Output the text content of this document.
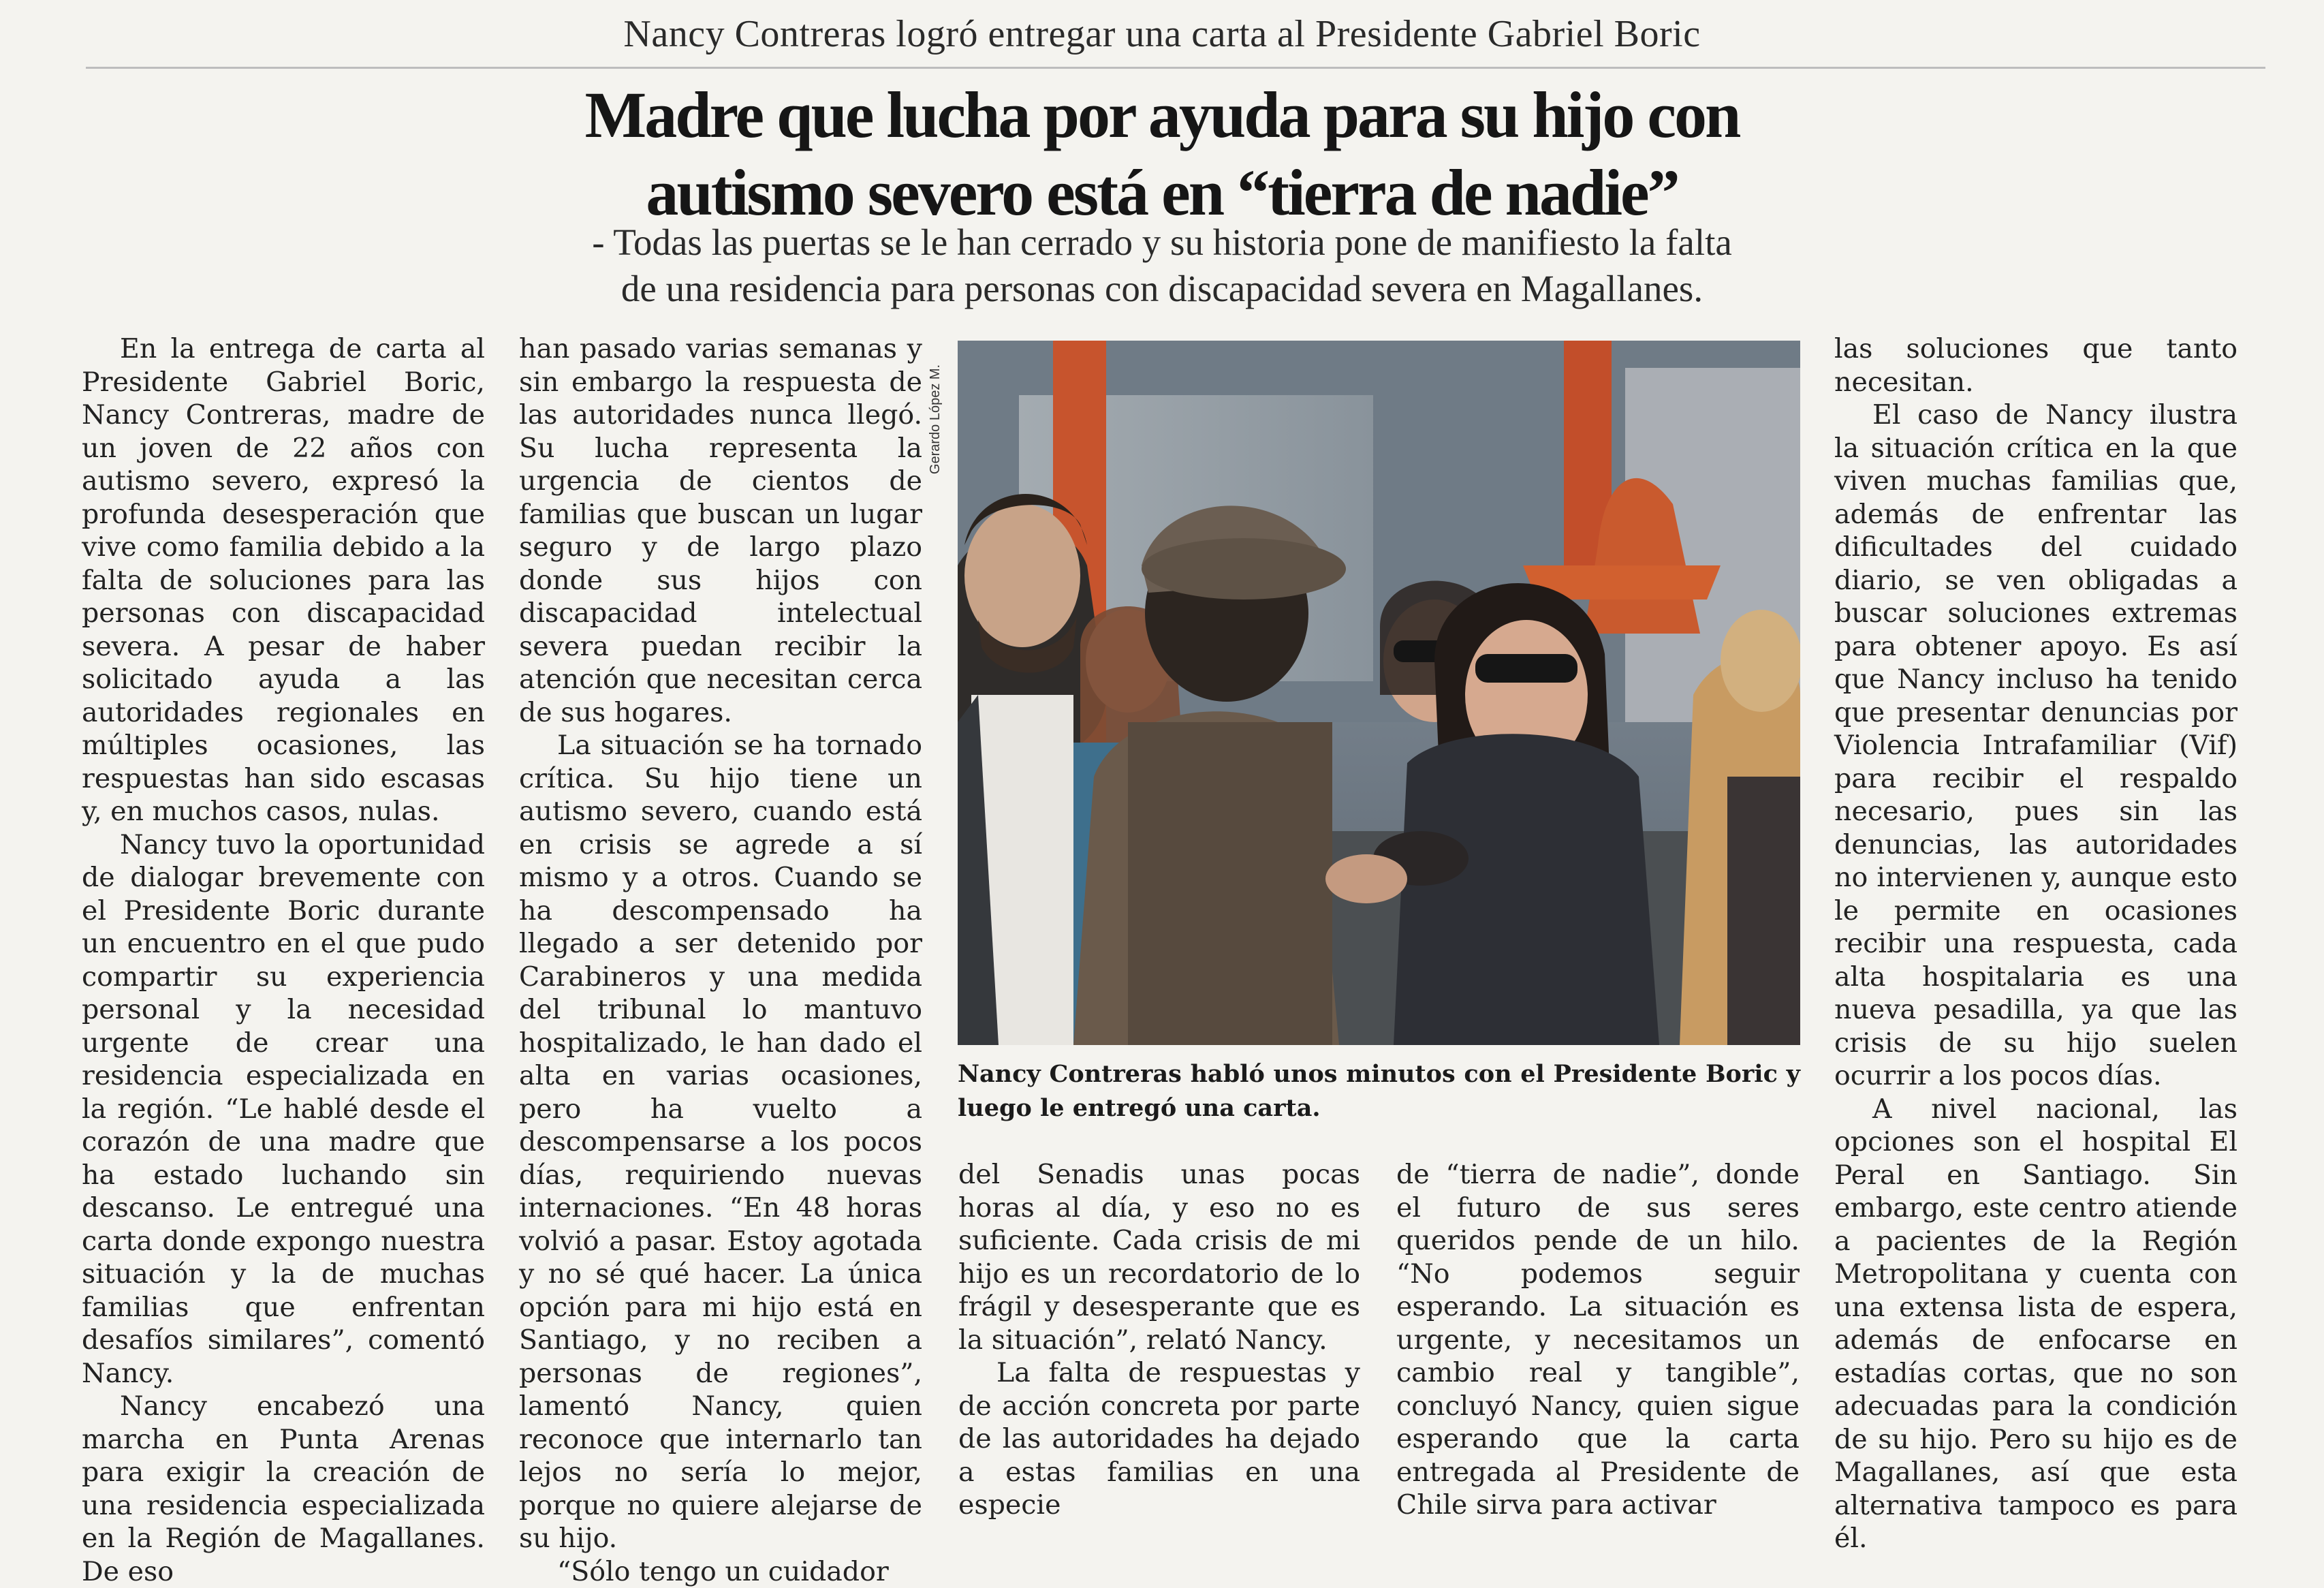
Nancy Contreras logró entregar una carta al Presidente Gabriel Boric
Madre que lucha por ayuda para su hijo con
autismo severo está en “tierra de nadie”
- Todas las puertas se le han cerrado y su historia pone de manifiesto la falta
de una residencia para personas con discapacidad severa en Magallanes.

En la entrega de carta al Presidente Gabriel Boric, Nancy Contreras, madre de un joven de 22 años con autismo severo, expresó la profunda desesperación que vive como familia debido a la falta de soluciones para las personas con discapacidad severa. A pesar de haber solicitado ayuda a las autoridades regionales en múltiples ocasiones, las respuestas han sido escasas y, en muchos casos, nulas.

Nancy tuvo la oportunidad de dialogar brevemente con el Presidente Boric durante un encuentro en el que pudo compartir su experiencia personal y la necesidad urgente de crear una residencia especializada en la región. “Le hablé desde el corazón de una madre que ha estado luchando sin descanso. Le entregué una carta donde expongo nuestra situación y la de muchas familias que enfrentan desafíos similares”, comentó Nancy.

Nancy encabezó una marcha en Punta Arenas para exigir la creación de una residencia especializada en la Región de Magallanes. De eso

han pasado varias semanas y sin embargo la respuesta de las autoridades nunca llegó. Su lucha representa la urgencia de cientos de familias que buscan un lugar seguro y de largo plazo donde sus hijos con discapacidad intelectual severa puedan recibir la atención que necesitan cerca de sus hogares.

La situación se ha tornado crítica. Su hijo tiene un autismo severo, cuando está en crisis se agrede a sí mismo y a otros. Cuando se ha descompensado ha llegado a ser detenido por Carabineros y una medida del tribunal lo mantuvo hospitalizado, le han dado el alta en varias ocasiones, pero ha vuelto a descompensarse a los pocos días, requiriendo nuevas internaciones. “En 48 horas volvió a pasar. Estoy agotada y no sé qué hacer. La única opción para mi hijo está en Santiago, y no reciben a personas de regiones”, lamentó Nancy, quien reconoce que internarlo tan lejos no sería lo mejor, porque no quiere alejarse de su hijo.

“Sólo tengo un cuidador

Gerardo López M.
Nancy Contreras habló unos minutos con el Presidente Boric y luego le entregó una carta.

del Senadis unas pocas horas al día, y eso no es suficiente. Cada crisis de mi hijo es un recordatorio de lo frágil y desesperante que es la situación”, relató Nancy.

La falta de respuestas y de acción concreta por parte de las autoridades ha dejado a estas familias en una especie

de “tierra de nadie”, donde el futuro de sus seres queridos pende de un hilo. “No podemos seguir esperando. La situación es urgente, y necesitamos un cambio real y tangible”, concluyó Nancy, quien sigue esperando que la carta entregada al Presidente de Chile sirva para activar

las soluciones que tanto necesitan.

El caso de Nancy ilustra la situación crítica en la que viven muchas familias que, además de enfrentar las dificultades del cuidado diario, se ven obligadas a buscar soluciones extremas para obtener apoyo. Es así que Nancy incluso ha tenido que presentar denuncias por Violencia Intrafamiliar (Vif) para recibir el respaldo necesario, pues sin las denuncias, las autoridades no intervienen y, aunque esto le permite en ocasiones recibir una respuesta, cada alta hospitalaria es una nueva pesadilla, ya que las crisis de su hijo suelen ocurrir a los pocos días.

A nivel nacional, las opciones son el hospital El Peral en Santiago. Sin embargo, este centro atiende a pacientes de la Región Metropolitana y cuenta con una extensa lista de espera, además de enfocarse en estadías cortas, que no son adecuadas para la condición de su hijo. Pero su hijo es de Magallanes, así que esta alternativa tampoco es para él.
